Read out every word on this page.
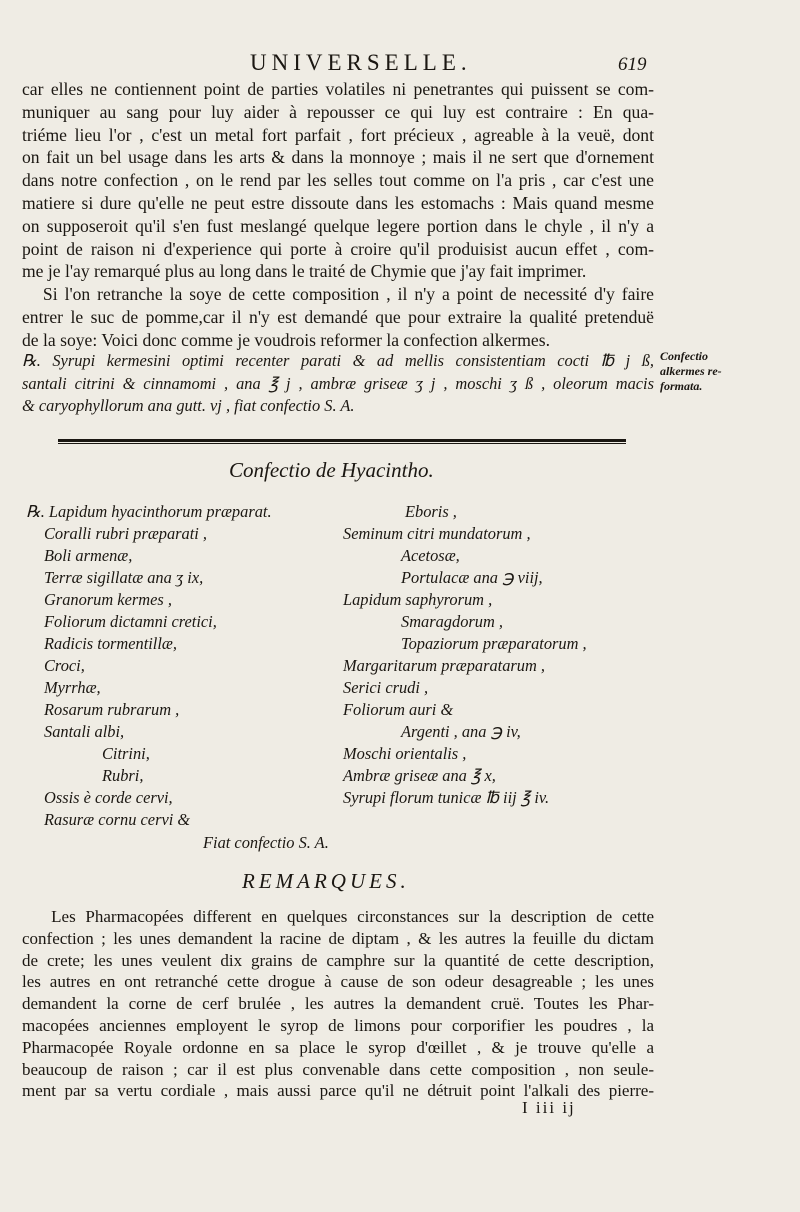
UNIVERSELLE.	619
car elles ne contiennent point de parties volatiles ni penetrantes qui puissent se com-
muniquer au sang pour luy aider à repousser ce qui luy est contraire : En qua-
triéme lieu l'or , c'est un metal fort parfait , fort précieux , agreable à la veuë, dont
on fait un bel usage dans les arts & dans la monnoye ; mais il ne sert que d'ornement
dans notre confection , on le rend par les selles tout comme on l'a pris , car c'est une
matiere si dure qu'elle ne peut estre dissoute dans les estomachs : Mais quand mesme
on supposeroit qu'il s'en fust meslangé quelque legere portion dans le chyle , il n'y a
point de raison ni d'experience qui porte à croire qu'il produisist aucun effet , com-
me je l'ay remarqué plus au long dans le traité de Chymie que j'ay fait imprimer.
Si l'on retranche la soye de cette composition , il n'y a point de necessité d'y faire
entrer le suc de pomme,car il n'y est demandé que pour extraire la qualité pretenduë
de la soye: Voici donc comme je voudrois reformer la confection alkermes.
℞. Syrupi kermesini optimi recenter parati & ad mellis consistentiam cocti ℔ j ß,
santali citrini & cinnamomi , ana ℥ j , ambræ griseæ ʒ j , moschi ʒ ß , oleorum macis
& caryophyllorum ana gutt. vj , fiat confectio S. A.
Confectio
alkermes re-
formata.
Confectio de Hyacintho.
℞. Lapidum hyacinthorum præparat.
Coralli rubri præparati ,
Boli armenæ,
Terræ sigillatæ ana ʒ ix,
Granorum kermes ,
Foliorum dictamni cretici,
Radicis tormentillæ,
Croci,
Myrrhæ,
Rosarum rubrarum ,
Santali albi,
Citrini,
Rubri,
Ossis è corde cervi,
Rasuræ cornu cervi &
Eboris ,
Seminum citri mundatorum ,
Acetosæ,
Portulacæ ana ℈ viij,
Lapidum saphyrorum ,
Smaragdorum ,
Topaziorum præparatorum ,
Margaritarum præparatarum ,
Serici crudi ,
Foliorum auri &
Argenti , ana ℈ iv,
Moschi orientalis ,
Ambræ griseæ ana ℥ x,
Syrupi florum tunicæ ℔ iij ℥ iv.
Fiat confectio S. A.
REMARQUES.
Les Pharmacopées different en quelques circonstances sur la description de cette
confection ; les unes demandent la racine de diptam , & les autres la feuille du dictam
de crete; les unes veulent dix grains de camphre sur la quantité de cette description,
les autres en ont retranché cette drogue à cause de son odeur desagreable ; les unes
demandent la corne de cerf brulée , les autres la demandent cruë. Toutes les Phar-
macopées anciennes employent le syrop de limons pour corporifier les poudres , la
Pharmacopée Royale ordonne en sa place le syrop d'œillet , & je trouve qu'elle a
beaucoup de raison ; car il est plus convenable dans cette composition , non seule-
ment par sa vertu cordiale , mais aussi parce qu'il ne détruit point l'alkali des pierre-
I iii ij
